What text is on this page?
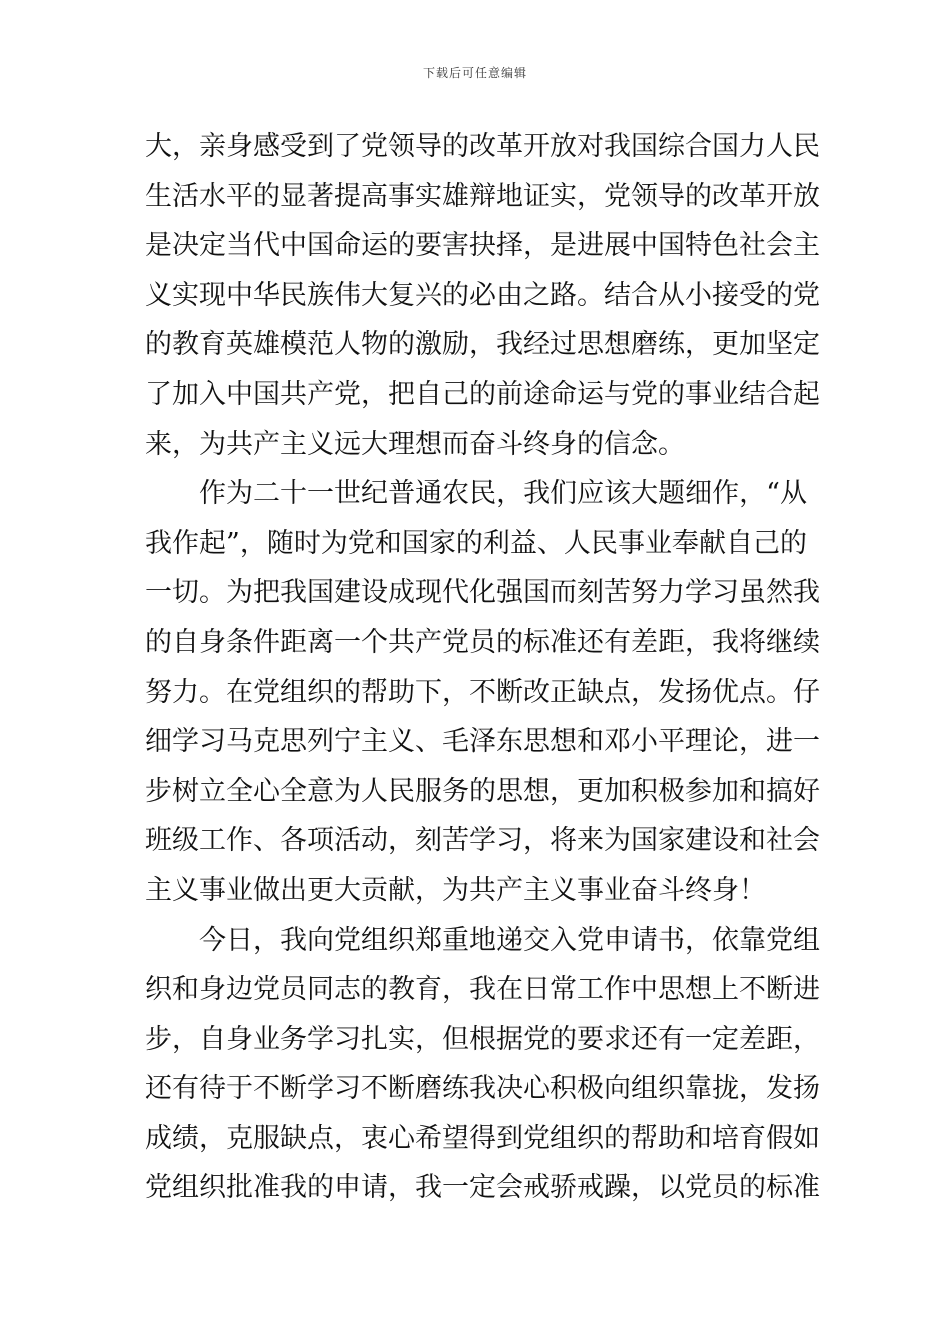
下载后可任意编辑
大，亲身感受到了党领导的改革开放对我国综合国力人民
生活水平的显著提高事实雄辩地证实，党领导的改革开放
是决定当代中国命运的要害抉择，是进展中国特色社会主
义实现中华民族伟大复兴的必由之路。结合从小接受的党
的教育英雄模范人物的激励，我经过思想磨练，更加坚定
了加入中国共产党，把自己的前途命运与党的事业结合起
来，为共产主义远大理想而奋斗终身的信念。
　　作为二十一世纪普通农民，我们应该大题细作，“从
我作起”，随时为党和国家的利益、人民事业奉献自己的
一切。为把我国建设成现代化强国而刻苦努力学习虽然我
的自身条件距离一个共产党员的标准还有差距，我将继续
努力。在党组织的帮助下，不断改正缺点，发扬优点。仔
细学习马克思列宁主义、毛泽东思想和邓小平理论，进一
步树立全心全意为人民服务的思想，更加积极参加和搞好
班级工作、各项活动，刻苦学习，将来为国家建设和社会
主义事业做出更大贡献，为共产主义事业奋斗终身！
　　今日，我向党组织郑重地递交入党申请书，依靠党组
织和身边党员同志的教育，我在日常工作中思想上不断进
步，自身业务学习扎实，但根据党的要求还有一定差距，
还有待于不断学习不断磨练我决心积极向组织靠拢，发扬
成绩，克服缺点，衷心希望得到党组织的帮助和培育假如
党组织批准我的申请，我一定会戒骄戒躁，以党员的标准
